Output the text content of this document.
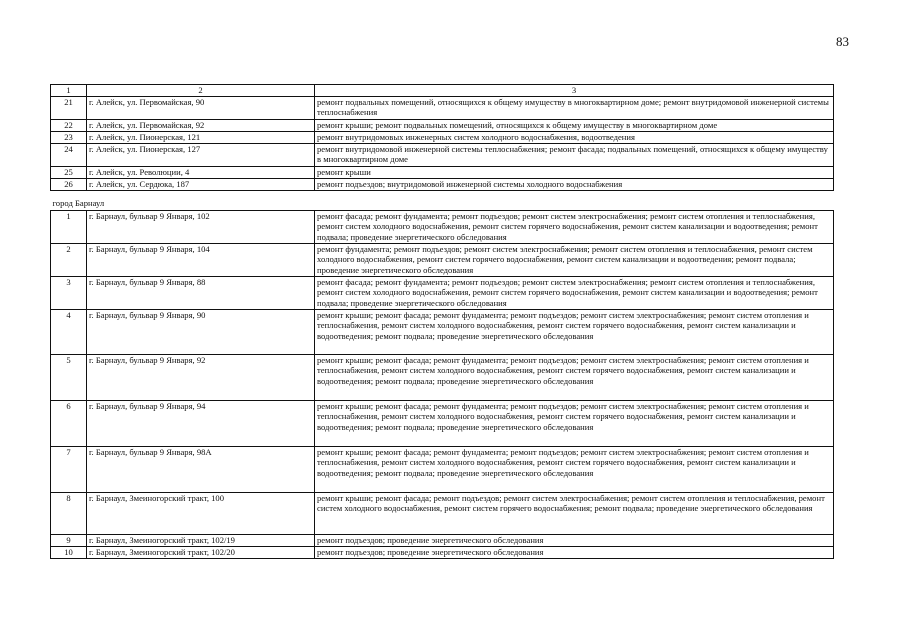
83
1	2	3
21	г. Алейск, ул. Первомайская, 90	ремонт подвальных помещений, относящихся к общему имуществу в многоквартирном доме; ремонт внутридомовой инженерной системы теплоснабжения
22	г. Алейск, ул. Первомайская, 92	ремонт крыши; ремонт подвальных помещений, относящихся к общему имуществу в многоквартирном доме
23	г. Алейск, ул. Пионерская, 121	ремонт внутридомовых инженерных систем холодного водоснабжения, водоотведения
24	г. Алейск, ул. Пионерская, 127	ремонт внутридомовой инженерной системы теплоснабжения; ремонт фасада; подвальных помещений, относящихся к общему имуществу в многоквартирном доме
25	г. Алейск, ул. Революции, 4	ремонт крыши
26	г. Алейск, ул. Сердюка, 187	ремонт подъездов; внутридомовой инженерной системы холодного водоснабжения
город Барнаул		
1	г. Барнаул, бульвар 9 Января, 102	ремонт фасада; ремонт фундамента; ремонт подъездов; ремонт систем электроснабжения; ремонт систем отопления и теплоснабжения, ремонт систем холодного водоснабжения, ремонт систем горячего водоснабжения, ремонт систем канализации и водоотведения; ремонт подвала; проведение энергетического обследования
2	г. Барнаул, бульвар 9 Января, 104	ремонт фундамента; ремонт подъездов; ремонт систем электроснабжения; ремонт систем отопления и теплоснабжения, ремонт систем холодного водоснабжения, ремонт систем горячего водоснабжения, ремонт систем канализации и водоотведения; ремонт подвала; проведение энергетического обследования
3	г. Барнаул, бульвар 9 Января, 88	ремонт фасада; ремонт фундамента; ремонт подъездов; ремонт систем электроснабжения; ремонт систем отопления и теплоснабжения, ремонт систем холодного водоснабжения, ремонт систем горячего водоснабжения, ремонт систем канализации и водоотведения; ремонт подвала; проведение энергетического обследования
4	г. Барнаул, бульвар 9 Января, 90	ремонт крыши; ремонт фасада; ремонт фундамента; ремонт подъездов; ремонт систем электроснабжения; ремонт систем отопления и теплоснабжения, ремонт систем холодного водоснабжения, ремонт систем горячего водоснабжения, ремонт систем канализации и водоотведения; ремонт подвала; проведение энергетического обследования
5	г. Барнаул, бульвар 9 Января, 92	ремонт крыши; ремонт фасада; ремонт фундамента; ремонт подъездов; ремонт систем электроснабжения; ремонт систем отопления и теплоснабжения, ремонт систем холодного водоснабжения, ремонт систем горячего водоснабжения, ремонт систем канализации и водоотведения; ремонт подвала; проведение энергетического обследования
6	г. Барнаул, бульвар 9 Января, 94	ремонт крыши; ремонт фасада; ремонт фундамента; ремонт подъездов; ремонт систем электроснабжения; ремонт систем отопления и теплоснабжения, ремонт систем холодного водоснабжения, ремонт систем горячего водоснабжения, ремонт систем канализации и водоотведения; ремонт подвала; проведение энергетического обследования
7	г. Барнаул, бульвар 9 Января, 98А	ремонт крыши; ремонт фасада; ремонт фундамента; ремонт подъездов; ремонт систем электроснабжения; ремонт систем отопления и теплоснабжения, ремонт систем холодного водоснабжения, ремонт систем горячего водоснабжения, ремонт систем канализации и водоотведения; ремонт подвала; проведение энергетического обследования
8	г. Барнаул, Змеиногорский тракт, 100	ремонт крыши; ремонт фасада; ремонт подъездов; ремонт систем электроснабжения; ремонт систем отопления и теплоснабжения, ремонт систем холодного водоснабжения, ремонт систем горячего водоснабжения; ремонт подвала; проведение энергетического обследования
9	г. Барнаул, Змеиногорский тракт, 102/19	ремонт подъездов; проведение энергетического обследования
10	г. Барнаул, Змеиногорский тракт, 102/20	ремонт подъездов; проведение энергетического обследования
